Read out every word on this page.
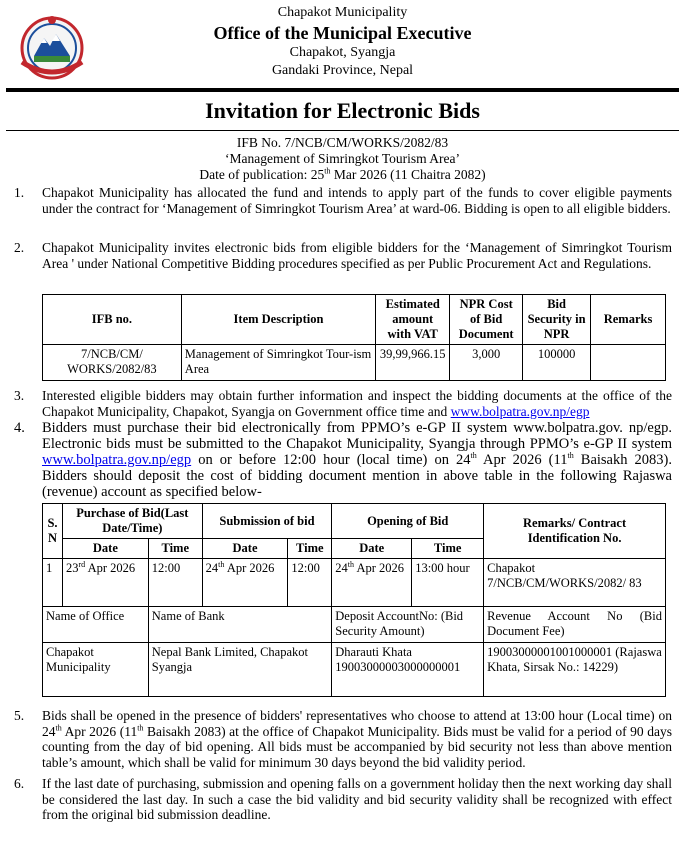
Chapakot Municipality
Office of the Municipal Executive
Chapakot, Syangja
Gandaki Province, Nepal
Invitation for Electronic Bids
IFB No. 7/NCB/CM/WORKS/2082/83
‘Management of Simringkot Tourism Area’
Date of publication: 25th Mar 2026 (11 Chaitra 2082)
1.	Chapakot Municipality has allocated the fund and intends to apply part of the funds to cover eligible payments under the contract for ‘Management of Simringkot Tourism Area’ at ward-06. Bidding is open to all eligible bidders.
2.	Chapakot Municipality invites electronic bids from eligible bidders for the ‘Management of Simringkot Tourism Area ' under National Competitive Bidding procedures specified as per Public Procurement Act and Regulations.
IFB no.	Item Description	Estimated amount with VAT	NPR Cost of Bid Document	Bid Security in NPR	Remarks
7/NCB/CM/ WORKS/2082/83	Management of Simringkot Tour-ism Area	39,99,966.15	3,000	100000	
3.	Interested eligible bidders may obtain further information and inspect the bidding documents at the office of the Chapakot Municipality, Chapakot, Syangja on Government office time and www.bolpatra.gov.np/egp
4.	Bidders must purchase their bid electronically from PPMO’s e-GP II system www.bolpatra.gov. np/egp. Electronic bids must be submitted to the Chapakot Municipality, Syangja through PPMO’s e-GP II system www.bolpatra.gov.np/egp on or before 12:00 hour (local time) on 24th Apr 2026 (11th Baisakh 2083). Bidders should deposit the cost of bidding document mention in above table in the following Rajaswa (revenue) account as specified below-
S. N	Purchase of Bid(Last Date/Time)		Submission of bid		Opening of Bid		Remarks/ Contract Identification No.
	Date	Time	Date	Time	Date	Time	
1	23rd Apr 2026	12:00	24th Apr 2026	12:00	24th Apr 2026	13:00 hour	Chapakot 7/NCB/CM/WORKS/2082/ 83
Name of Office		Name of Bank			Deposit AccountNo: (Bid Security Amount)		Revenue Account No (Bid Document Fee)
Chapakot Municipality		Nepal Bank Limited, Chapakot Syangja			Dharauti Khata 19003000003000000001		19003000001001000001 (Rajaswa Khata, Sirsak No.: 14229)
5.	Bids shall be opened in the presence of bidders' representatives who choose to attend at 13:00 hour (Local time) on 24th Apr 2026 (11th Baisakh 2083) at the office of Chapakot Municipality. Bids must be valid for a period of 90 days counting from the day of bid opening. All bids must be accompanied by bid security not less than above mention table’s amount, which shall be valid for minimum 30 days beyond the bid validity period.
6.	If the last date of purchasing, submission and opening falls on a government holiday then the next working day shall be considered the last day. In such a case the bid validity and bid security validity shall be recognized with effect from the original bid submission deadline.
